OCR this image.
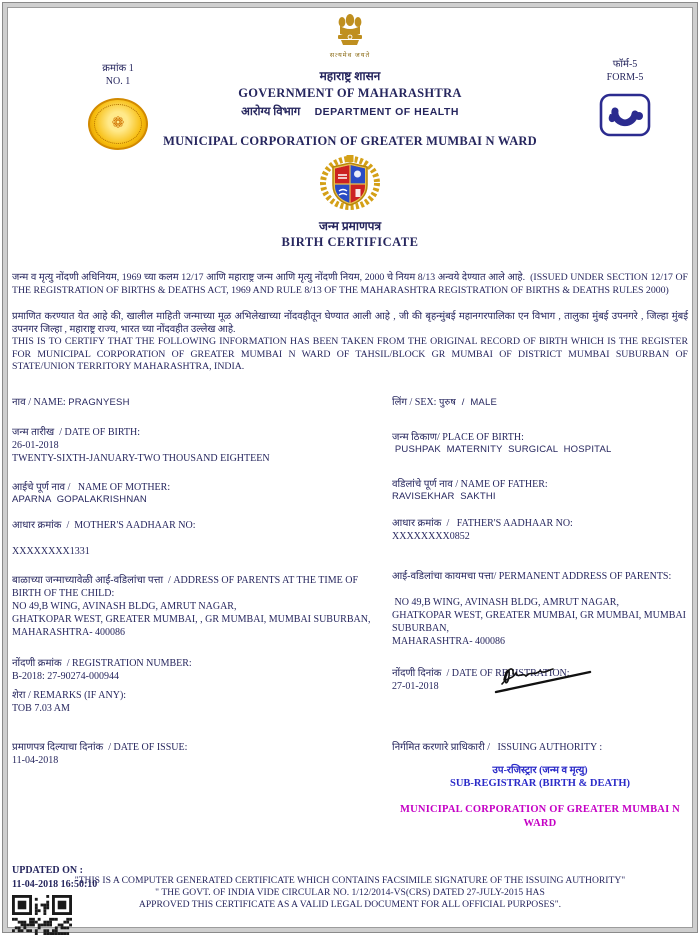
सत्यमेव जयते
महाराष्ट्र शासन
GOVERNMENT OF MAHARASHTRA
आरोग्य विभाग DEPARTMENT OF HEALTH
MUNICIPAL CORPORATION OF GREATER MUMBAI N WARD
जन्म प्रमाणपत्र
BIRTH CERTIFICATE
क्रमांक 1
NO. 1
❁
फॉर्म-5
FORM-5
जन्म व मृत्यु नोंदणी अधिनियम, 1969 च्या कलम 12/17 आणि महाराष्ट्र जन्म आणि मृत्यु नोंदणी नियम, 2000 चे नियम 8/13 अन्वये देण्यात आले आहे.  (ISSUED UNDER SECTION 12/17 OF THE REGISTRATION OF BIRTHS & DEATHS ACT, 1969 AND RULE 8/13 OF THE MAHARASHTRA REGISTRATION OF BIRTHS & DEATHS RULES 2000)
प्रमाणित करण्यात येत आहे की, खालील माहिती जन्माच्या मूळ अभिलेखाच्या नोंदवहीतून घेण्यात आली आहे , जी की बृहन्मुंबई महानगरपालिका एन विभाग , तालुका मुंबई उपनगरे , जिल्हा मुंबई उपनगर जिल्हा , महाराष्ट्र राज्य, भारत च्या नोंदवहीत उल्लेख आहे.
THIS IS TO CERTIFY THAT THE FOLLOWING INFORMATION HAS BEEN TAKEN FROM THE ORIGINAL RECORD OF BIRTH WHICH IS THE REGISTER FOR MUNICIPAL CORPORATION OF GREATER MUMBAI N WARD OF TAHSIL/BLOCK GR MUMBAI OF DISTRICT MUMBAI SUBURBAN OF STATE/UNION TERRITORY MAHARASHTRA, INDIA.
नाव / NAME: PRAGNYESH
जन्म तारीख  / DATE OF BIRTH:
26-01-2018
TWENTY-SIXTH-JANUARY-TWO THOUSAND EIGHTEEN
आईचे पूर्ण नाव /   NAME OF MOTHER:
APARNA  GOPALAKRISHNAN
आधार क्रमांक  /  MOTHER'S AADHAAR NO:
XXXXXXXX1331
बाळाच्या जन्माच्यावेळी आई-वडिलांचा पत्ता  / ADDRESS OF PARENTS AT THE TIME OF BIRTH OF THE CHILD:
NO 49,B WING, AVINASH BLDG, AMRUT NAGAR,
GHATKOPAR WEST, GREATER MUMBAI, , GR MUMBAI, MUMBAI SUBURBAN,
MAHARASHTRA- 400086
नोंदणी क्रमांक  / REGISTRATION NUMBER:
B-2018: 27-90274-000944
शेरा / REMARKS (IF ANY):
TOB 7.03 AM
लिंग / SEX: पुरुष  /  MALE
जन्म ठिकाण/ PLACE OF BIRTH:
PUSHPAK  MATERNITY  SURGICAL  HOSPITAL
वडिलांचे पूर्ण नाव / NAME OF FATHER:
RAVISEKHAR  SAKTHI
आधार क्रमांक  /   FATHER'S AADHAAR NO:
XXXXXXXX0852
आई-वडिलांचा कायमचा पत्ता/ PERMANENT ADDRESS OF PARENTS:
NO 49,B WING, AVINASH BLDG, AMRUT NAGAR,
GHATKOPAR WEST, GREATER MUMBAI, GR MUMBAI, MUMBAI
SUBURBAN,
MAHARASHTRA- 400086
नोंदणी दिनांक  / DATE OF REGISTRATION:
27-01-2018
प्रमाणपत्र दिल्याचा दिनांक  / DATE OF ISSUE:
11-04-2018
निर्गमित करणारे प्राधिकारी /   ISSUING AUTHORITY :
उप-रजिस्ट्रार (जन्म व मृत्यु)
SUB-REGISTRAR (BIRTH & DEATH)
MUNICIPAL CORPORATION OF GREATER MUMBAI N WARD
UPDATED ON :
11-04-2018 16:50:10
"THIS IS A COMPUTER GENERATED CERTIFICATE WHICH CONTAINS FACSIMILE SIGNATURE OF THE ISSUING AUTHORITY"
" THE GOVT. OF INDIA VIDE CIRCULAR NO. 1/12/2014-VS(CRS) DATED 27-JULY-2015 HAS
APPROVED THIS CERTIFICATE AS A VALID LEGAL DOCUMENT FOR ALL OFFICIAL PURPOSES".
